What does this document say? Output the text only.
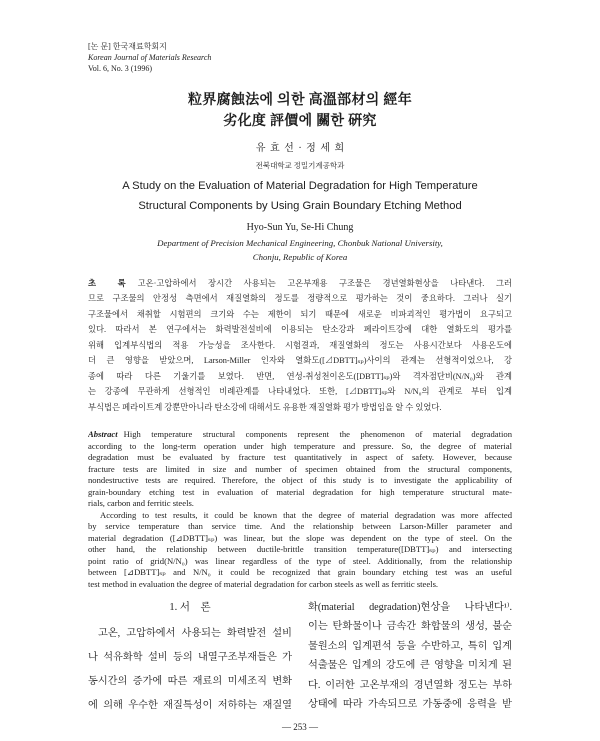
[논 문] 한국재료학회지
Korean Journal of Materials Research
Vol. 6, No. 3 (1996)
粒界腐蝕法에 의한 高溫部材의 經年
劣化度 評價에 關한 硏究
유 효 선 · 정 세 희
전북대학교 정밀기계공학과
A Study on the Evaluation of Material Degradation for High Temperature
Structural Components by Using Grain Boundary Etching Method
Hyo-Sun Yu, Se-Hi Chung
Department of Precision Mechanical Engineering, Chonbuk National University,
Chonju, Republic of Korea
초 록 고온·고압하에서 장시간 사용되는 고온부재용 구조물은 경년열화현상을 나타낸다. 그러
므로 구조물의 안정성 측면에서 재질열화의 정도를 정량적으로 평가하는 것이 중요하다. 그러나 실기
구조물에서 채취할 시험편의 크기와 수는 제한이 되기 때문에 새로운 비파괴적인 평가법이 요구되고
있다. 따라서 본 연구에서는 화력발전설비에 이용되는 탄소강과 페라이트강에 대한 열화도의 평가를
위해 입계부식법의 적용 가능성을 조사한다. 시험결과, 재질열화의 정도는 사용시간보다 사용온도에
더 큰 영향을 받았으며, Larson-Miller 인자와 열화도([⊿DBTT]ₛₚ)사이의 관계는 선형적이었으나, 강
종에 따라 다른 기울기를 보였다. 반면, 연성-취성천이온도([DBTT]ₛₚ)와 격자점단비(N/N₀)와 관계
는 강종에 무관하게 선형적인 비례관계를 나타내었다. 또한, [⊿DBTT]ₛₚ와 N/N₀의 관계로 부터 입계
부식법은 페라이트계 강뿐만아니라 탄소강에 대해서도 유용한 재질열화 평가 방법임을 알 수 있었다.
Abstract High temperature structural components represent the phenomenon of material degradation
according to the long-term operation under high temperature and pressure. So, the degree of material
degradation must be evaluated by fracture test quantitatively in aspect of safety. However, because
fracture tests are limited in size and number of specimen obtained from the structural components,
nondestructive tests are required. Therefore, the object of this study is to investigate the applicability of
grain-boundary etching test in evaluation of material degradation for high temperature structural mate-
rials, carbon and ferritic steels.
According to test results, it could be known that the degree of material degradation was more affected
by service temperature than service time. And the relationship between Larson-Miller parameter and
material degradation ([⊿DBTT]ₛₚ) was linear, but the slope was dependent on the type of steel. On the
other hand, the relationship between ductile-brittle transition temperature([DBTT]ₛₚ) and intersecting
point ratio of grid(N/N₀) was linear regardless of the type of steel. Additionally, from the relationship
between [⊿DBTT]ₛₚ and N/N₀ it could be recognized that grain boundary etching test was an useful
test method in evaluation the degree of material degradation for carbon steels as well as ferritic steels.
1. 서    론
고온, 고압하에서 사용되는 화력발전 설비
나 석유화학 설비 등의 내열구조부재들은 가
동시간의 증가에 따른 재료의 미세조직 변화
에 의해 우수한 재질특성이 저하하는 재질열
화(material degradation)현상을 나타낸다¹⁾.
이는 탄화물이나 금속간 화합물의 생성, 불순
물원소의 입계편석 등을 수반하고, 특히 입계
석출물은 입계의 강도에 큰 영향을 미치게 된
다. 이러한 고온부재의 경년열화 정도는 부하
상태에 따라 가속되므로 가동중에 응력을 받
— 253 —
